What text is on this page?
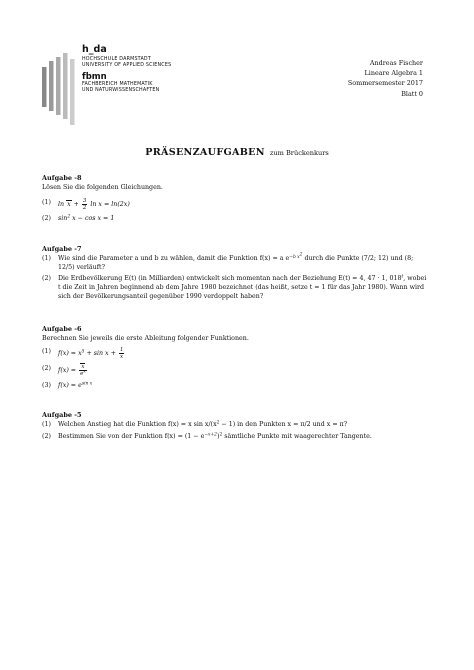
h_da
HOCHSCHULE DARMSTADT
UNIVERSITY OF APPLIED SCIENCES
fbmn
FACHBEREICH MATHEMATIK
UND NATURWISSENSCHAFTEN
Andreas Fischer
Lineare Algebra 1
Sommersemester 2017
Blatt 0
PRÄSENZAUFGABEN zum Brückenkurs
Aufgabe -8
Lösen Sie die folgenden Gleichungen.
(1) $\ln x + \frac{3}{2}$ ln x = ln(2x)
(2) $\sin^2 x - \cos x = 1$
Aufgabe -7
(1) Wie sind die Parameter a und b zu wählen, damit die Funktion f(x) = a $e^{-b x^2}$ durch die Punkte (7/2; 12) und (8; 12/5) verläuft?
(2) Die Erdbevölkerung E(t) (in Milliarden) entwickelt sich momentan nach der Beziehung E(t) = 4, 47 · 1, 018$^t$, wobei t die Zeit in Jahren beginnend ab dem Jahre 1980 bezeichnet (das heißt, setze t = 1 für das Jahr 1980). Wann wird sich der Bevölkerungsanteil gegenüber 1990 verdoppelt haben?
Aufgabe -6
Berechnen Sie jeweils die erste Ableitung folgender Funktionen.
(1) $f(x) = x^5 + \sin x + \frac{1}{x}$
(2) $f(x) = \frac{x}{e^x}$
(3) $f(x) = e^{sin x}$
Aufgabe -5
(1) Welchen Anstieg hat die Funktion f(x) = x $\sin x/(x^2 - 1)$ in den Punkten x = π/2 und x = π?
(2) Bestimmen Sie von der Funktion $f(x) = (1 - e^{-x+2})^2$ sämtliche Punkte mit waagerechter Tangente.
